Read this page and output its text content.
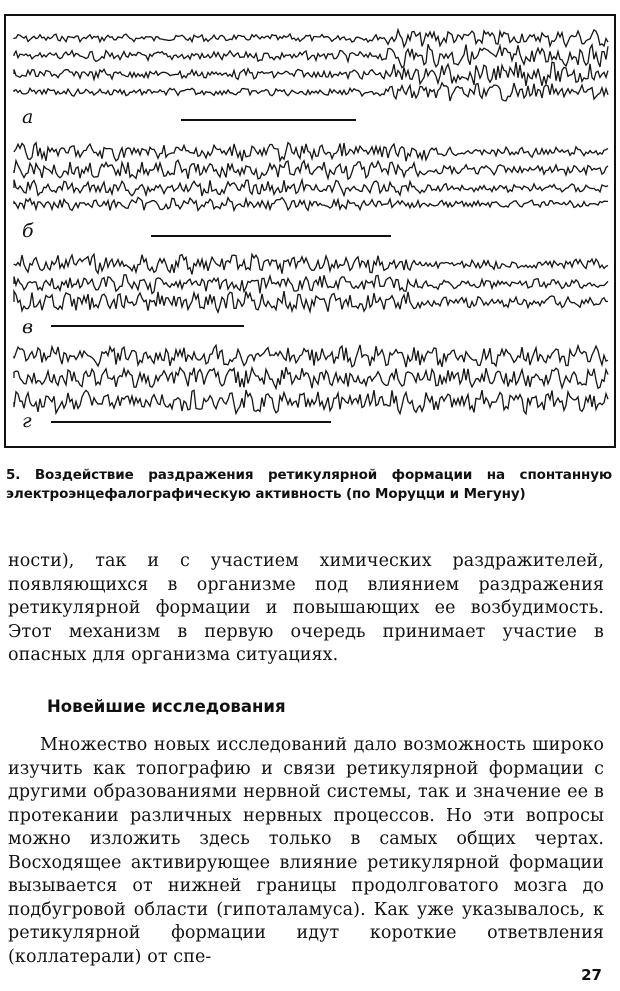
а
б
в
г
5. Воздействие раздражения ретикулярной формации на спонтанную электроэнцефалографическую активность (по Моруцци и Мегуну)
ности), так и с участием химических раздражителей, появляющихся в организме под влиянием раздражения ретикулярной формации и повышающих ее возбудимость. Этот механизм в первую очередь принимает участие в опасных для организма ситуациях.
Новейшие исследования
Множество новых исследований дало возможность широко изучить как топографию и связи ретикулярной формации с другими образованиями нервной системы, так и значение ее в протекании различных нервных процессов. Но эти вопросы можно изложить здесь только в самых общих чертах. Восходящее активирующее влияние ретикулярной формации вызывается от нижней границы продолговатого мозга до подбугровой области (гипоталамуса). Как уже указывалось, к ретикулярной формации идут короткие ответвления (коллатерали) от спе-
27
